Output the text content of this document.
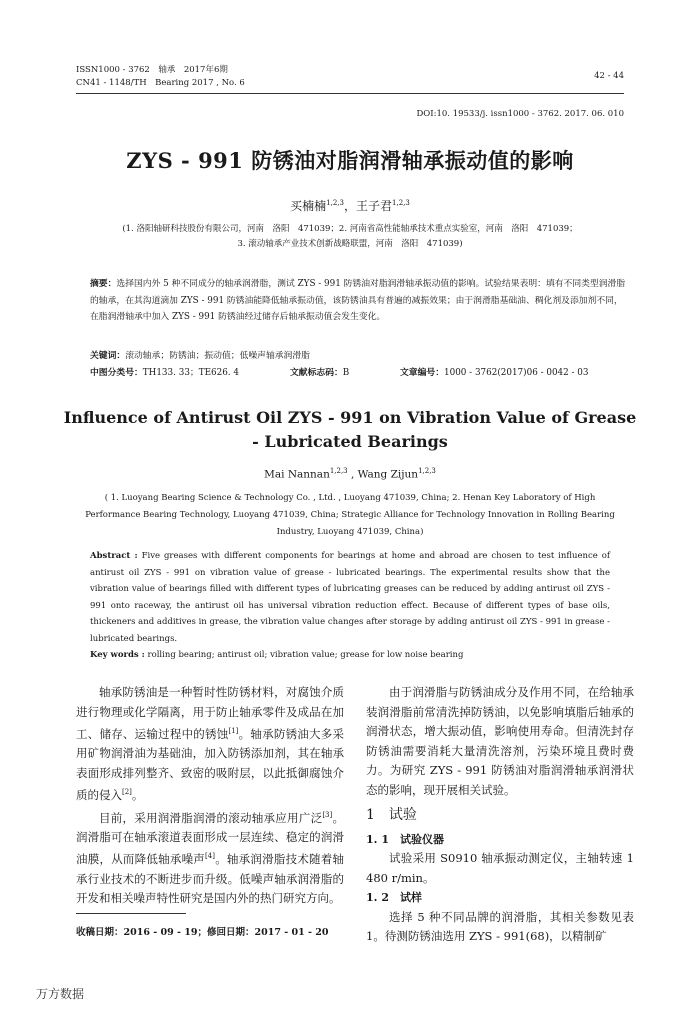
ISSN1000 - 3762　轴承　2017年6期
CN41 - 1148/TH　Bearing 2017 , No. 6
42 - 44
DOI:10. 19533/j. issn1000 - 3762. 2017. 06. 010
ZYS - 991 防锈油对脂润滑轴承振动值的影响
买楠楠$^{1,2,3}$，王子君$^{1,2,3}$
(1. 洛阳轴研科技股份有限公司，河南　洛阳　471039；2. 河南省高性能轴承技术重点实验室，河南　洛阳　471039；
3. 滚动轴承产业技术创新战略联盟，河南　洛阳　471039)
摘要：选择国内外 5 种不同成分的轴承润滑脂，测试 ZYS - 991 防锈油对脂润滑轴承振动值的影响。试验结果表明：填有不同类型润滑脂的轴承，在其沟道滴加 ZYS - 991 防锈油能降低轴承振动值，该防锈油具有普遍的减振效果；由于润滑脂基础油、稠化剂及添加剂不同，在脂润滑轴承中加入 ZYS - 991 防锈油经过储存后轴承振动值会发生变化。
关键词：滚动轴承；防锈油；振动值；低噪声轴承润滑脂
中图分类号：TH133. 33；TE626. 4	文献标志码：B	文章编号：1000 - 3762(2017)06 - 0042 - 03
Influence of Antirust Oil ZYS - 991 on Vibration Value of Grease - Lubricated Bearings
Mai Nannan$^{1,2,3}$ , Wang Zijun$^{1,2,3}$
( 1. Luoyang Bearing Science & Technology Co. , Ltd. , Luoyang 471039, China; 2. Henan Key Laboratory of High Performance Bearing Technology, Luoyang 471039, China; Strategic Alliance for Technology Innovation in Rolling Bearing Industry, Luoyang 471039, China)
Abstract : Five greases with different components for bearings at home and abroad are chosen to test influence of antirust oil ZYS - 991 on vibration value of grease - lubricated bearings. The experimental results show that the vibration value of bearings filled with different types of lubricating greases can be reduced by adding antirust oil ZYS - 991 onto raceway, the antirust oil has universal vibration reduction effect. Because of different types of base oils, thickeners and additives in grease, the vibration value changes after storage by adding antirust oil ZYS - 991 in grease - lubricated bearings.
Key words : rolling bearing; antirust oil; vibration value; grease for low noise bearing

轴承防锈油是一种暂时性防锈材料，对腐蚀介质进行物理或化学隔离，用于防止轴承零件及成品在加工、储存、运输过程中的锈蚀[1]。轴承防锈油大多采用矿物润滑油为基础油，加入防锈添加剂，其在轴承表面形成排列整齐、致密的吸附层，以此抵御腐蚀介质的侵入[2]。

目前，采用润滑脂润滑的滚动轴承应用广泛[3]。润滑脂可在轴承滚道表面形成一层连续、稳定的润滑油膜，从而降低轴承噪声[4]。轴承润滑脂技术随着轴承行业技术的不断进步而升级。低噪声轴承润滑脂的开发和相关噪声特性研究是国内外的热门研究方向。

由于润滑脂与防锈油成分及作用不同，在给轴承装润滑脂前常清洗掉防锈油，以免影响填脂后轴承的润滑状态，增大振动值，影响使用寿命。但清洗封存防锈油需要消耗大量清洗溶剂，污染环境且费时费力。为研究 ZYS - 991 防锈油对脂润滑轴承润滑状态的影响，现开展相关试验。

1　试验
1. 1　试验仪器

试验采用 S0910 轴承振动测定仪，主轴转速 1 480 r/min。

1. 2　试样

选择 5 种不同品牌的润滑脂，其相关参数见表 1。待测防锈油选用 ZYS - 991(68)，以精制矿

收稿日期：2016 - 09 - 19；修回日期：2017 - 01 - 20
万方数据
